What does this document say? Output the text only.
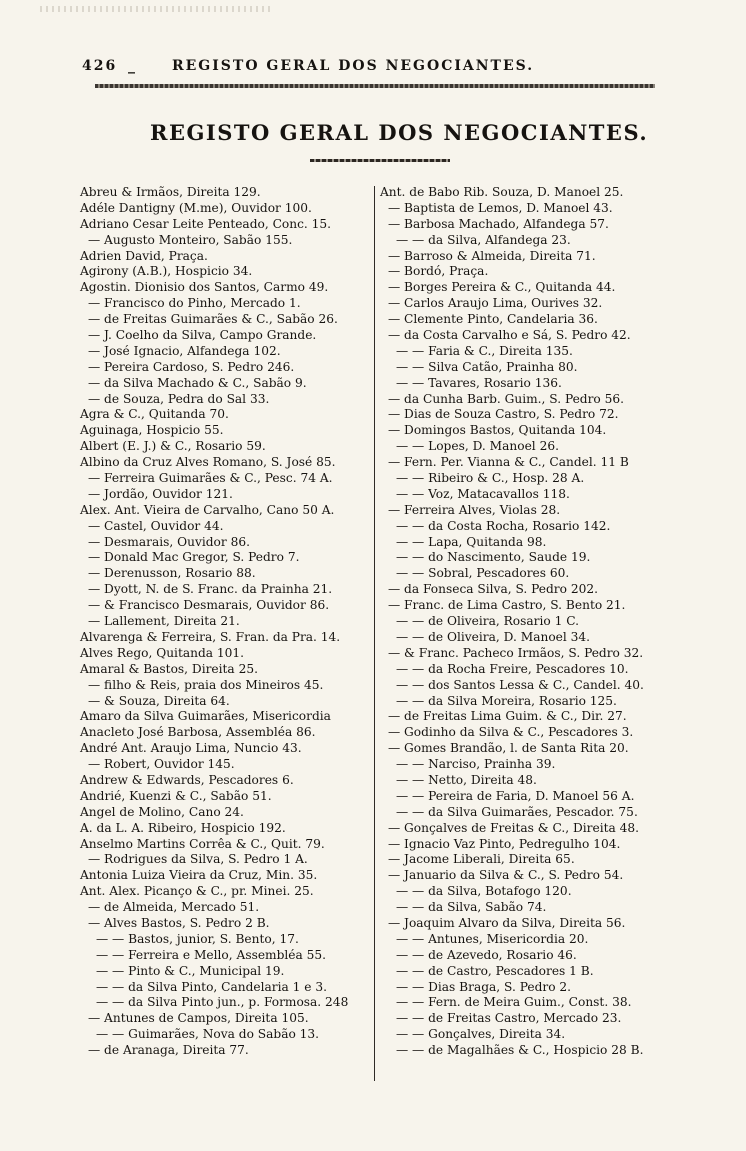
426 _	REGISTO GERAL DOS NEGOCIANTES.
REGISTO GERAL DOS NEGOCIANTES.
Abreu & Irmãos, Direita 129.
Adéle Dantigny (M.me), Ouvidor 100.
Adriano Cesar Leite Penteado, Conc. 15.
— Augusto Monteiro, Sabão 155.
Adrien David, Praça.
Agirony (A.B.), Hospicio 34.
Agostin. Dionisio dos Santos, Carmo 49.
— Francisco do Pinho, Mercado 1.
— de Freitas Guimarães & C., Sabão 26.
— J. Coelho da Silva, Campo Grande.
— José Ignacio, Alfandega 102.
— Pereira Cardoso, S. Pedro 246.
— da Silva Machado & C., Sabão 9.
— de Souza, Pedra do Sal 33.
Agra & C., Quitanda 70.
Aguinaga, Hospicio 55.
Albert (E. J.) & C., Rosario 59.
Albino da Cruz Alves Romano, S. José 85.
— Ferreira Guimarães & C., Pesc. 74 A.
— Jordão, Ouvidor 121.
Alex. Ant. Vieira de Carvalho, Cano 50 A.
— Castel, Ouvidor 44.
— Desmarais, Ouvidor 86.
— Donald Mac Gregor, S. Pedro 7.
— Derenusson, Rosario 88.
— Dyott, N. de S. Franc. da Prainha 21.
— & Francisco Desmarais, Ouvidor 86.
— Lallement, Direita 21.
Alvarenga & Ferreira, S. Fran. da Pra. 14.
Alves Rego, Quitanda 101.
Amaral & Bastos, Direita 25.
— filho & Reis, praia dos Mineiros 45.
— & Souza, Direita 64.
Amaro da Silva Guimarães, Misericordia
Anacleto José Barbosa, Assembléa 86.
André Ant. Araujo Lima, Nuncio 43.
— Robert, Ouvidor 145.
Andrew & Edwards, Pescadores 6.
Andrié, Kuenzi & C., Sabão 51.
Angel de Molino, Cano 24.
A. da L. A. Ribeiro, Hospicio 192.
Anselmo Martins Corrêa & C., Quit. 79.
— Rodrigues da Silva, S. Pedro 1 A.
Antonia Luiza Vieira da Cruz, Min. 35.
Ant. Alex. Picanço & C., pr. Minei. 25.
— de Almeida, Mercado 51.
— Alves Bastos, S. Pedro 2 B.
— — Bastos, junior, S. Bento, 17.
— — Ferreira e Mello, Assembléa 55.
— — Pinto & C., Municipal 19.
— — da Silva Pinto, Candelaria 1 e 3.
— — da Silva Pinto jun., p. Formosa. 248
— Antunes de Campos, Direita 105.
— — Guimarães, Nova do Sabão 13.
— de Aranaga, Direita 77.
Ant. de Babo Rib. Souza, D. Manoel 25.
— Baptista de Lemos, D. Manoel 43.
— Barbosa Machado, Alfandega 57.
— — da Silva, Alfandega 23.
— Barroso & Almeida, Direita 71.
— Bordó, Praça.
— Borges Pereira & C., Quitanda 44.
— Carlos Araujo Lima, Ourives 32.
— Clemente Pinto, Candelaria 36.
— da Costa Carvalho e Sá, S. Pedro 42.
— — Faria & C., Direita 135.
— — Silva Catão, Prainha 80.
— — Tavares, Rosario 136.
— da Cunha Barb. Guim., S. Pedro 56.
— Dias de Souza Castro, S. Pedro 72.
— Domingos Bastos, Quitanda 104.
— — Lopes, D. Manoel 26.
— Fern. Per. Vianna & C., Candel. 11 B
— — Ribeiro & C., Hosp. 28 A.
— — Voz, Matacavallos 118.
— Ferreira Alves, Violas 28.
— — da Costa Rocha, Rosario 142.
— — Lapa, Quitanda 98.
— — do Nascimento, Saude 19.
— — Sobral, Pescadores 60.
— da Fonseca Silva, S. Pedro 202.
— Franc. de Lima Castro, S. Bento 21.
— — de Oliveira, Rosario 1 C.
— — de Oliveira, D. Manoel 34.
— & Franc. Pacheco Irmãos, S. Pedro 32.
— — da Rocha Freire, Pescadores 10.
— — dos Santos Lessa & C., Candel. 40.
— — da Silva Moreira, Rosario 125.
— de Freitas Lima Guim. & C., Dir. 27.
— Godinho da Silva & C., Pescadores 3.
— Gomes Brandão, l. de Santa Rita 20.
— — Narciso, Prainha 39.
— — Netto, Direita 48.
— — Pereira de Faria, D. Manoel 56 A.
— — da Silva Guimarães, Pescador. 75.
— Gonçalves de Freitas & C., Direita 48.
— Ignacio Vaz Pinto, Pedregulho 104.
— Jacome Liberali, Direita 65.
— Januario da Silva & C., S. Pedro 54.
— — da Silva, Botafogo 120.
— — da Silva, Sabão 74.
— Joaquim Alvaro da Silva, Direita 56.
— — Antunes, Misericordia 20.
— — de Azevedo, Rosario 46.
— — de Castro, Pescadores 1 B.
— — Dias Braga, S. Pedro 2.
— — Fern. de Meira Guim., Const. 38.
— — de Freitas Castro, Mercado 23.
— — Gonçalves, Direita 34.
— — de Magalhães & C., Hospicio 28 B.
